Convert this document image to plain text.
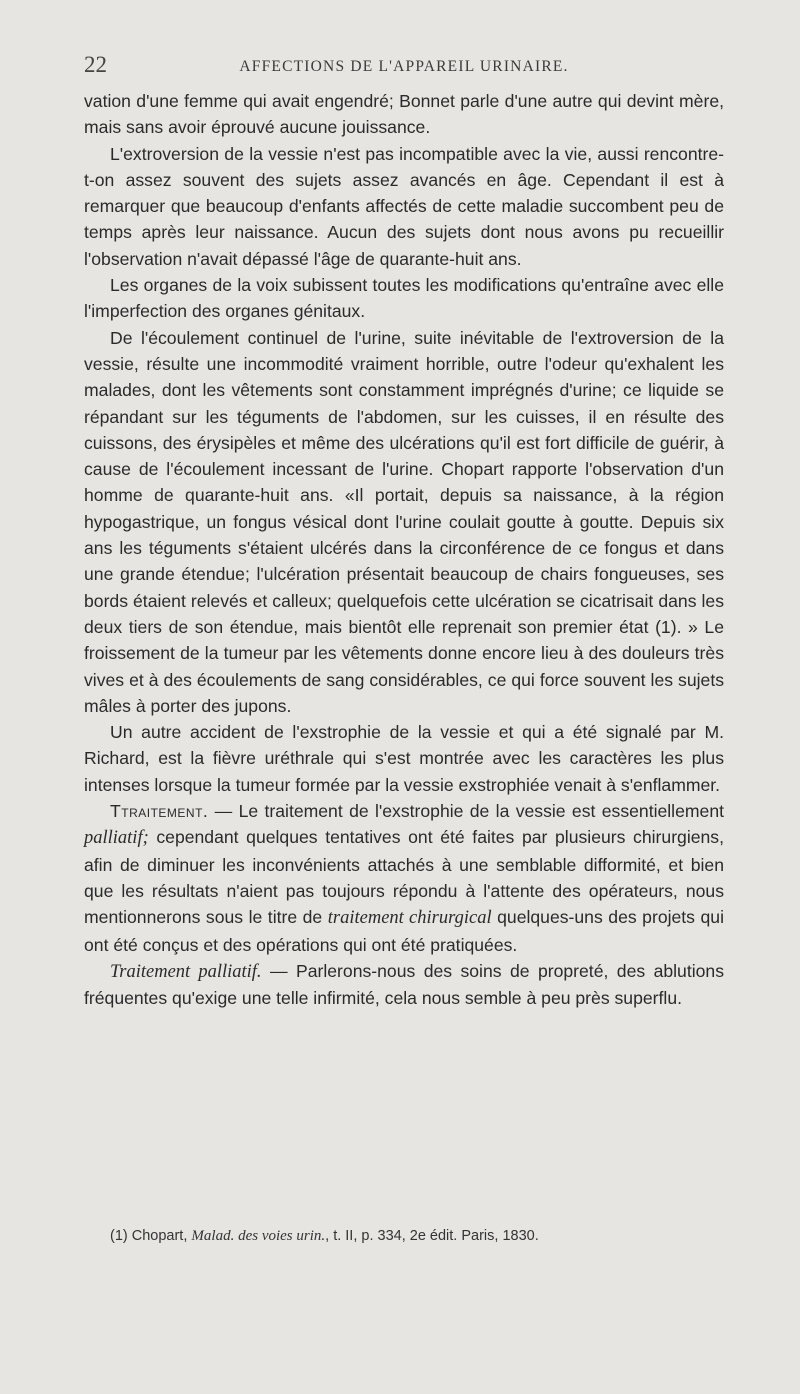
22	AFFECTIONS DE L'APPAREIL URINAIRE.

vation d'une femme qui avait engendré; Bonnet parle d'une autre qui devint mère, mais sans avoir éprouvé aucune jouissance.

L'extroversion de la vessie n'est pas incompatible avec la vie, aussi rencontre-t-on assez souvent des sujets assez avancés en âge. Cependant il est à remarquer que beaucoup d'enfants affectés de cette maladie succombent peu de temps après leur naissance. Aucun des sujets dont nous avons pu recueillir l'observation n'avait dépassé l'âge de quarante-huit ans.

Les organes de la voix subissent toutes les modifications qu'entraîne avec elle l'imperfection des organes génitaux.

De l'écoulement continuel de l'urine, suite inévitable de l'extroversion de la vessie, résulte une incommodité vraiment horrible, outre l'odeur qu'exhalent les malades, dont les vêtements sont constamment imprégnés d'urine; ce liquide se répandant sur les téguments de l'abdomen, sur les cuisses, il en résulte des cuissons, des érysipèles et même des ulcérations qu'il est fort difficile de guérir, à cause de l'écoulement incessant de l'urine. Chopart rapporte l'observation d'un homme de quarante-huit ans. «Il portait, depuis sa naissance, à la région hypogastrique, un fongus vésical dont l'urine coulait goutte à goutte. Depuis six ans les téguments s'étaient ulcérés dans la circonférence de ce fongus et dans une grande étendue; l'ulcération présentait beaucoup de chairs fongueuses, ses bords étaient relevés et calleux; quelquefois cette ulcération se cicatrisait dans les deux tiers de son étendue, mais bientôt elle reprenait son premier état (1). » Le froissement de la tumeur par les vêtements donne encore lieu à des douleurs très vives et à des écoulements de sang considérables, ce qui force souvent les sujets mâles à porter des jupons.

Un autre accident de l'exstrophie de la vessie et qui a été signalé par M. Richard, est la fièvre uréthrale qui s'est montrée avec les caractères les plus intenses lorsque la tumeur formée par la vessie exstrophiée venait à s'enflammer.

Ttraitement. — Le traitement de l'exstrophie de la vessie est essentiellement palliatif; cependant quelques tentatives ont été faites par plusieurs chirurgiens, afin de diminuer les inconvénients attachés à une semblable difformité, et bien que les résultats n'aient pas toujours répondu à l'attente des opérateurs, nous mentionnerons sous le titre de traitement chirurgical quelques-uns des projets qui ont été conçus et des opérations qui ont été pratiquées.

Traitement palliatif. — Parlerons-nous des soins de propreté, des ablutions fréquentes qu'exige une telle infirmité, cela nous semble à peu près superflu.

(1) Chopart, Malad. des voies urin., t. II, p. 334, 2e édit. Paris, 1830.
